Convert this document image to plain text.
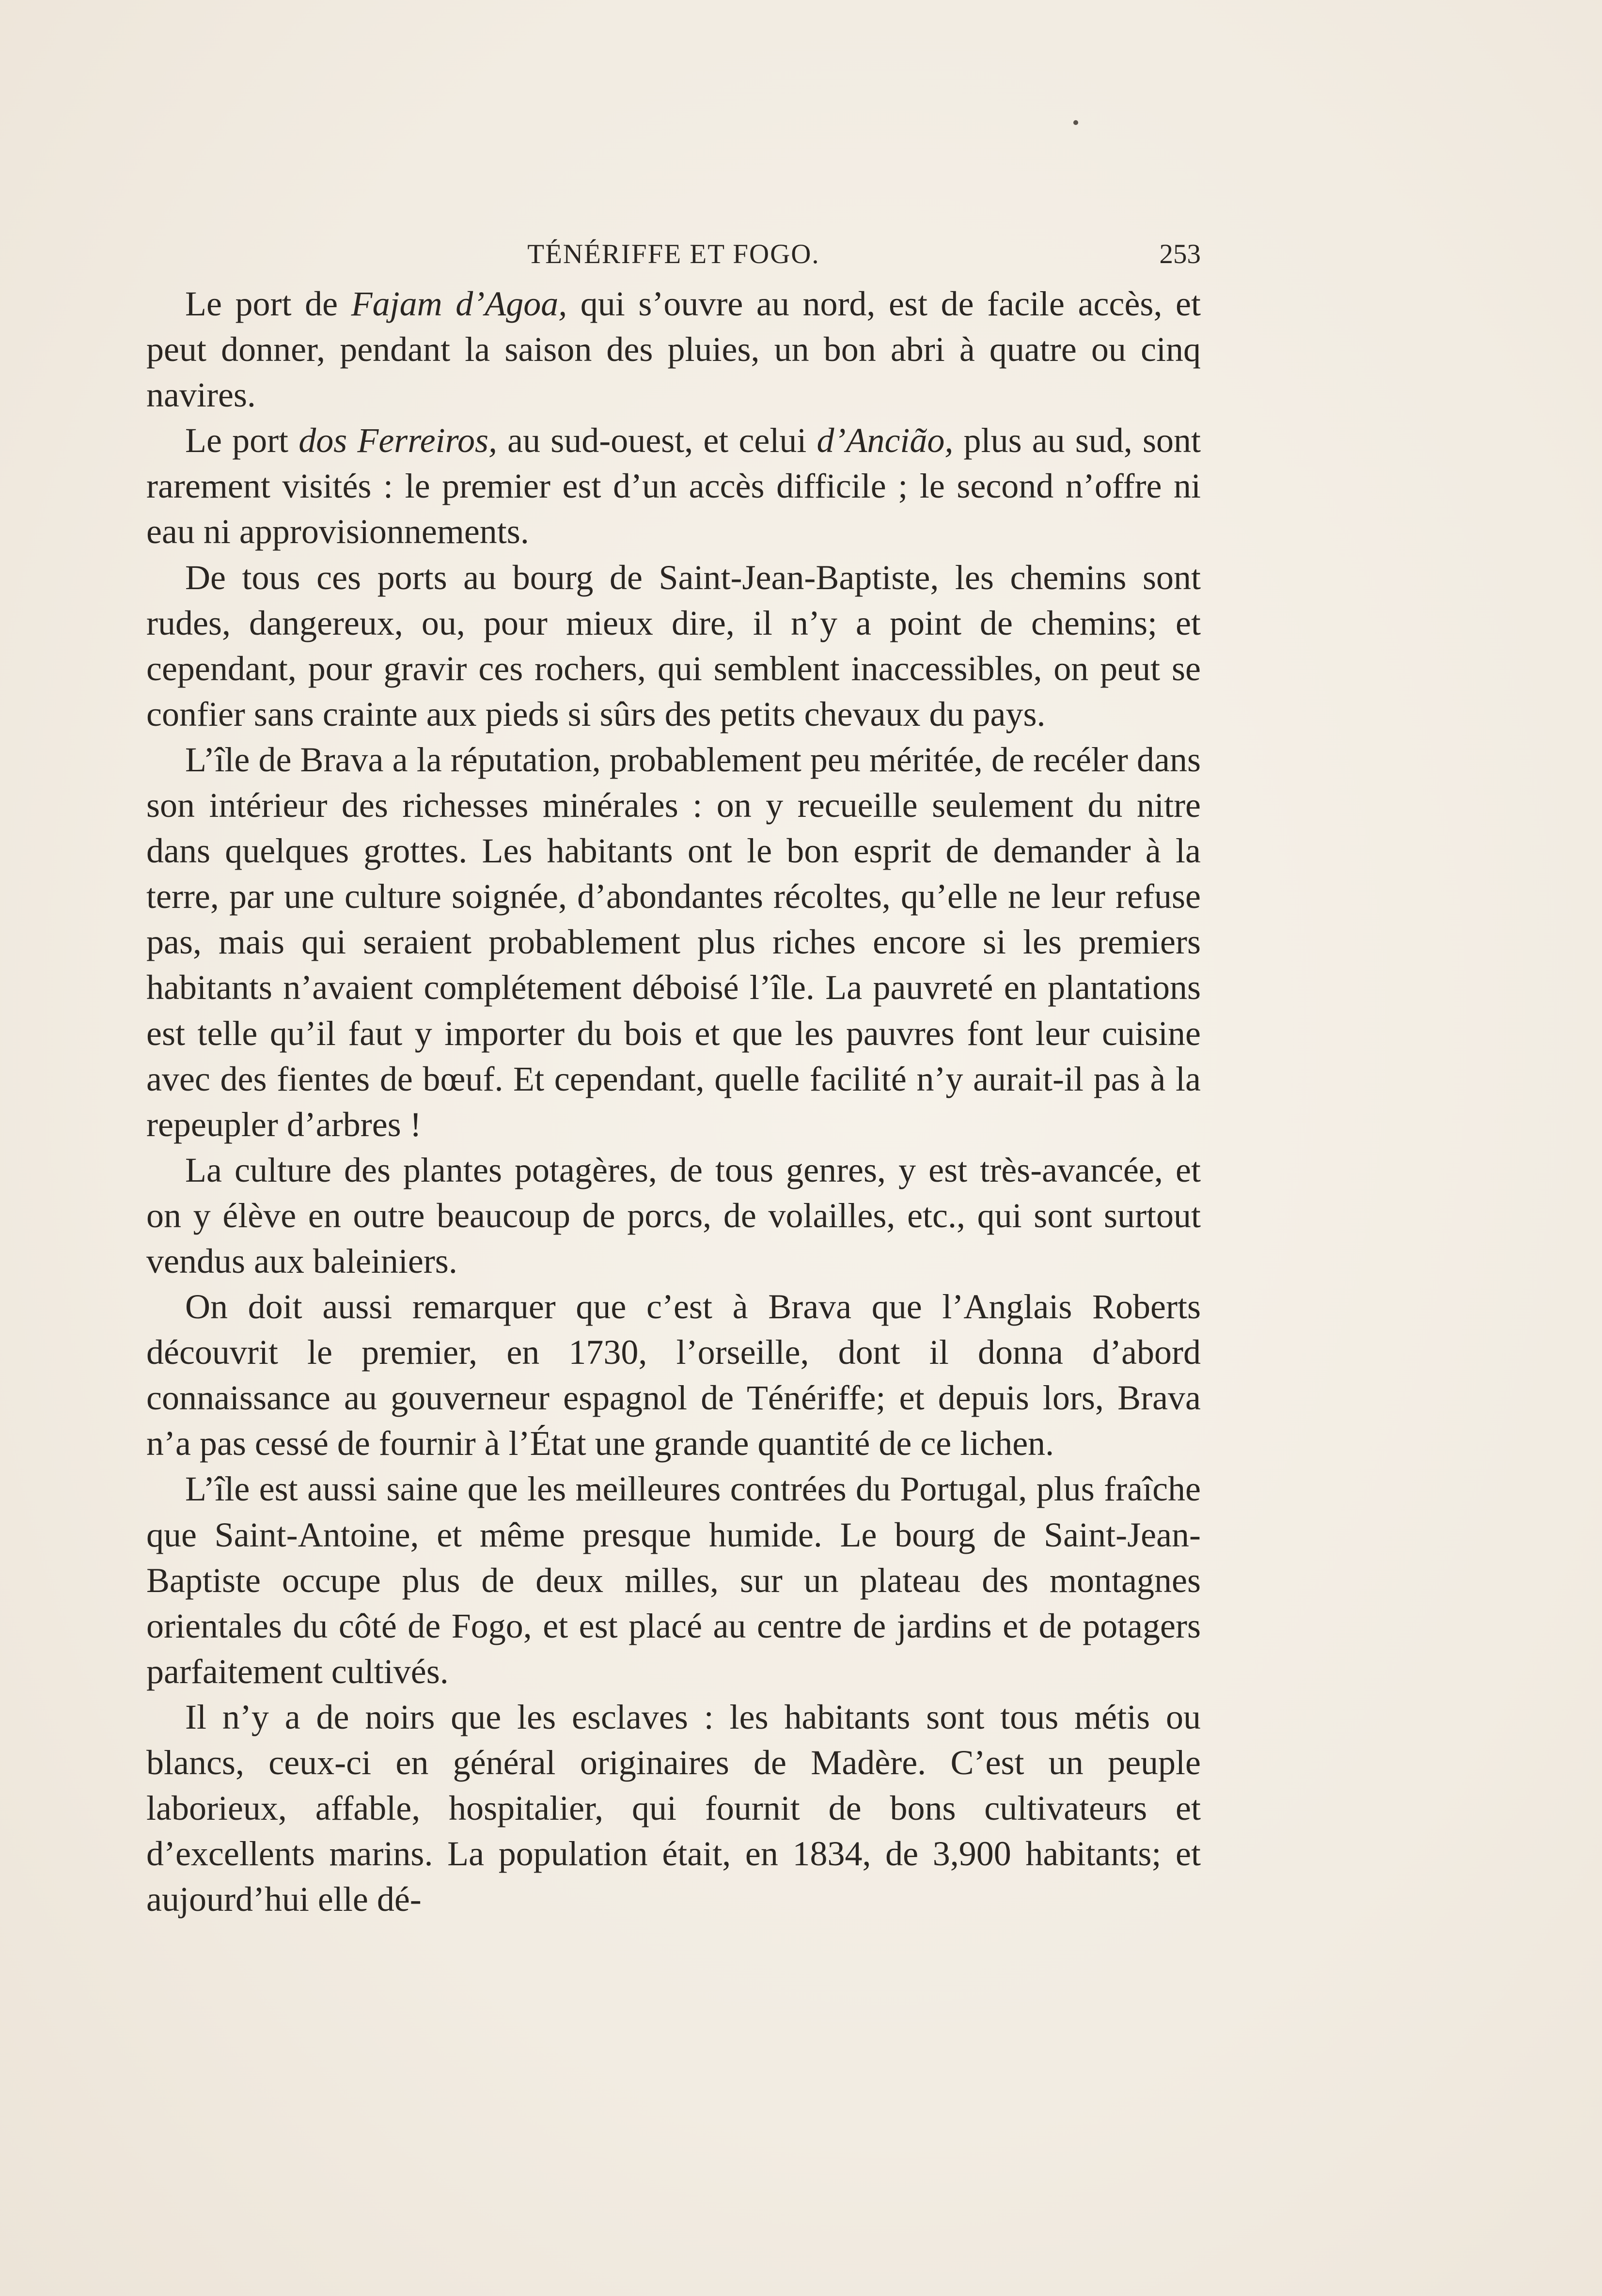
TÉNÉRIFFE ET FOGO.	253

Le port de Fajam d’Agoa, qui s’ouvre au nord, est de facile accès, et peut donner, pendant la saison des pluies, un bon abri à quatre ou cinq navires.

Le port dos Ferreiros, au sud-ouest, et celui d’Ancião, plus au sud, sont rarement visités : le premier est d’un accès difficile ; le second n’offre ni eau ni approvisionnements.

De tous ces ports au bourg de Saint-Jean-Baptiste, les chemins sont rudes, dangereux, ou, pour mieux dire, il n’y a point de chemins; et cependant, pour gravir ces rochers, qui semblent inaccessibles, on peut se confier sans crainte aux pieds si sûrs des petits chevaux du pays.

L’île de Brava a la réputation, probablement peu méritée, de recéler dans son intérieur des richesses minérales : on y recueille seulement du nitre dans quelques grottes. Les habitants ont le bon esprit de demander à la terre, par une culture soignée, d’abondantes récoltes, qu’elle ne leur refuse pas, mais qui seraient probablement plus riches encore si les premiers habitants n’avaient complétement déboisé l’île. La pauvreté en plantations est telle qu’il faut y importer du bois et que les pauvres font leur cuisine avec des fientes de bœuf. Et cependant, quelle facilité n’y aurait-il pas à la repeupler d’arbres !

La culture des plantes potagères, de tous genres, y est très-avancée, et on y élève en outre beaucoup de porcs, de volailles, etc., qui sont surtout vendus aux baleiniers.

On doit aussi remarquer que c’est à Brava que l’Anglais Roberts découvrit le premier, en 1730, l’orseille, dont il donna d’abord connaissance au gouverneur espagnol de Ténériffe; et depuis lors, Brava n’a pas cessé de fournir à l’État une grande quantité de ce lichen.

L’île est aussi saine que les meilleures contrées du Portugal, plus fraîche que Saint-Antoine, et même presque humide. Le bourg de Saint-Jean-Baptiste occupe plus de deux milles, sur un plateau des montagnes orientales du côté de Fogo, et est placé au centre de jardins et de potagers parfaitement cultivés.

Il n’y a de noirs que les esclaves : les habitants sont tous métis ou blancs, ceux-ci en général originaires de Madère. C’est un peuple laborieux, affable, hospitalier, qui fournit de bons cultivateurs et d’excellents marins. La population était, en 1834, de 3,900 habitants; et aujourd’hui elle dé-
